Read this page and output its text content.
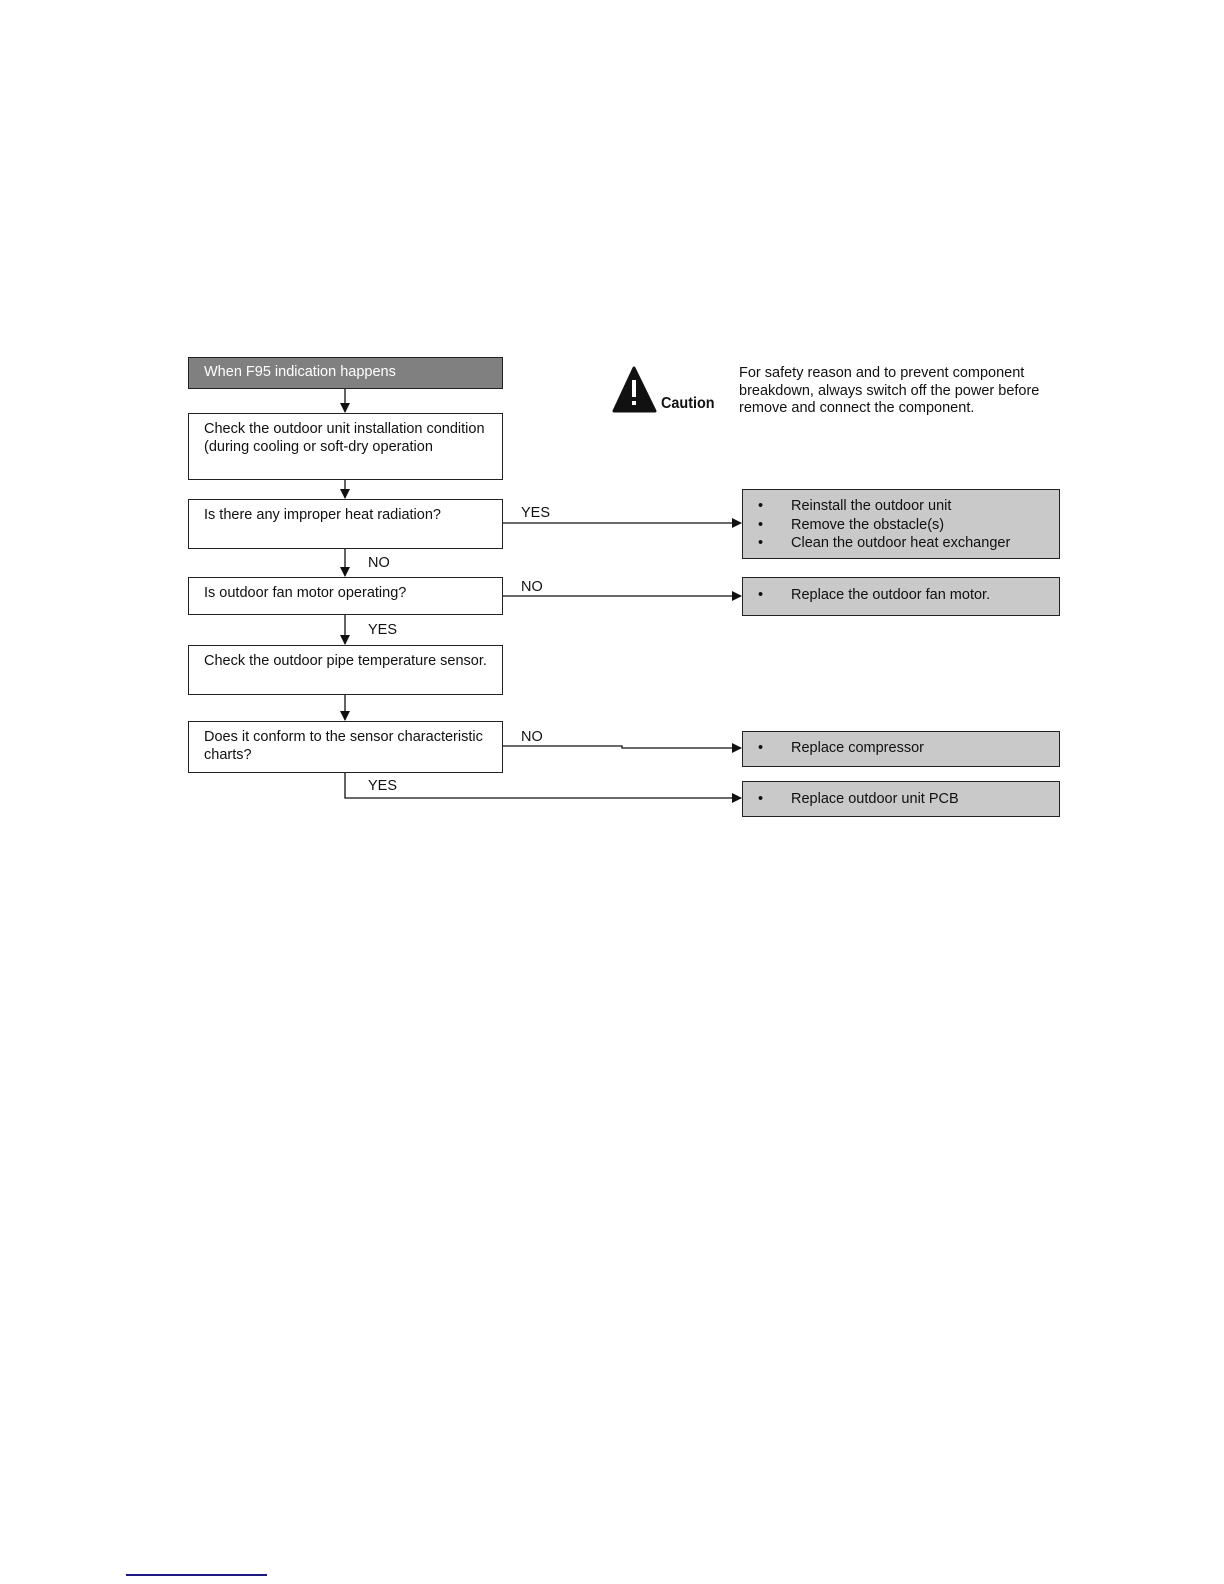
When F95 indication happens
Check the outdoor unit installation condition (during cooling or soft-dry operation
Is there any improper heat radiation?
Is outdoor fan motor operating?
Check the outdoor pipe temperature sensor.
Does it conform to the sensor characteristic charts?
• Reinstall the outdoor unit
• Remove the obstacle(s)
• Clean the outdoor heat exchanger
• Replace the outdoor fan motor.
• Replace compressor
• Replace outdoor unit PCB
YES
NO
NO
YES
NO
YES
Caution
For safety reason and to prevent component breakdown, always switch off the power before remove and connect the component.
